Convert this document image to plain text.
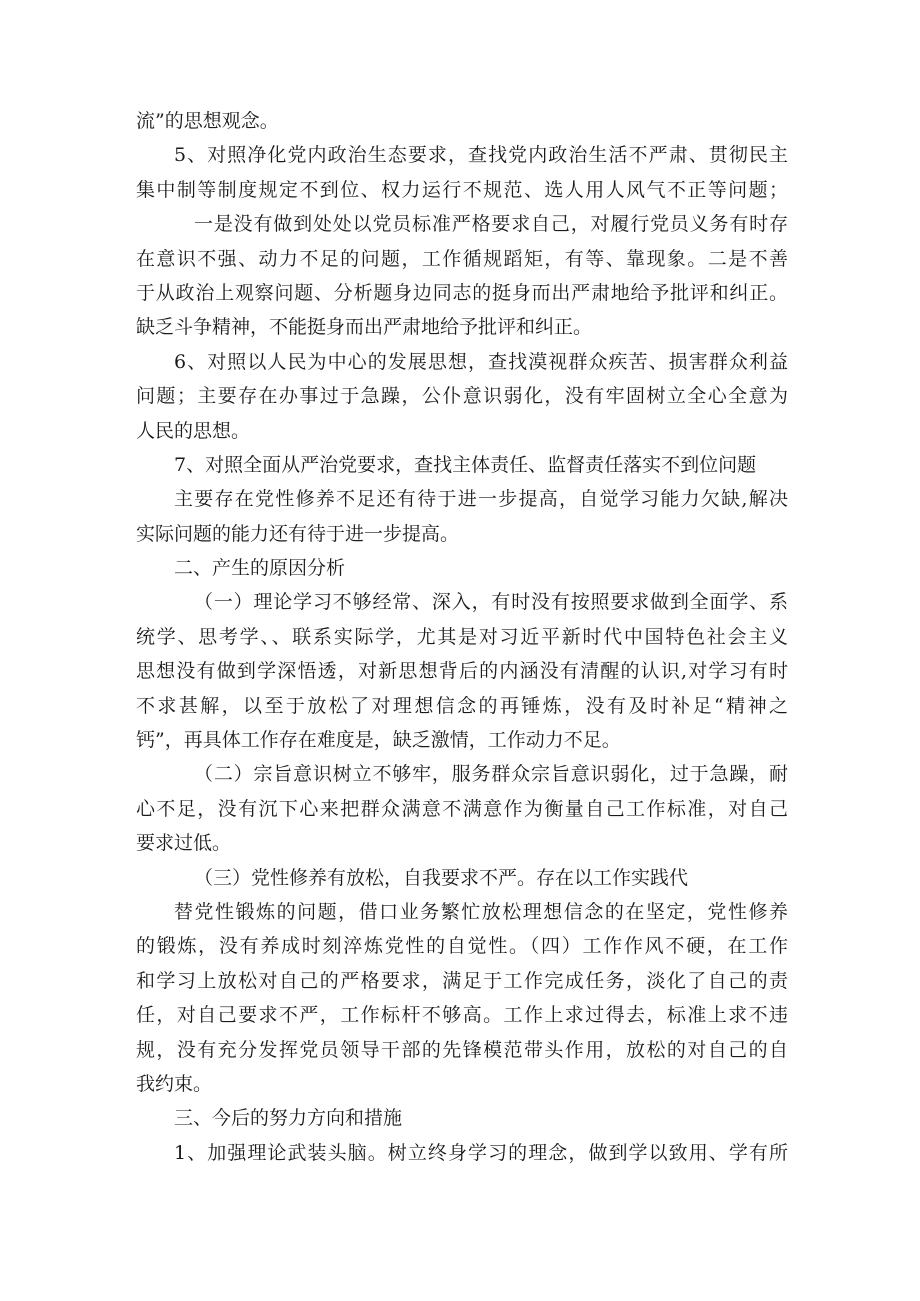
流”的思想观念。
5、对照净化党内政治生态要求，查找党内政治生活不严肃、贯彻民主
集中制等制度规定不到位、权力运行不规范、选人用人风气不正等问题；
一是没有做到处处以党员标准严格要求自己，对履行党员义务有时存
在意识不强、动力不足的问题，工作循规蹈矩，有等、靠现象。二是不善
于从政治上观察问题、分析题身边同志的挺身而出严肃地给予批评和纠正。
缺乏斗争精神，不能挺身而出严肃地给予批评和纠正。
6、对照以人民为中心的发展思想，查找漠视群众疾苦、损害群众利益
问题；主要存在办事过于急躁，公仆意识弱化，没有牢固树立全心全意为
人民的思想。
7、对照全面从严治党要求，查找主体责任、监督责任落实不到位问题
主要存在党性修养不足还有待于进一步提高，自觉学习能力欠缺,解决
实际问题的能力还有待于进一步提高。
二、产生的原因分析
（一）理论学习不够经常、深入，有时没有按照要求做到全面学、系
统学、思考学、、联系实际学，尤其是对习近平新时代中国特色社会主义
思想没有做到学深悟透，对新思想背后的内涵没有清醒的认识,对学习有时
不求甚解，以至于放松了对理想信念的再锤炼，没有及时补足“精神之
钙”，再具体工作存在难度是，缺乏激情，工作动力不足。
（二）宗旨意识树立不够牢，服务群众宗旨意识弱化，过于急躁，耐
心不足，没有沉下心来把群众满意不满意作为衡量自己工作标准，对自己
要求过低。
（三）党性修养有放松，自我要求不严。存在以工作实践代
替党性锻炼的问题，借口业务繁忙放松理想信念的在坚定，党性修养
的锻炼，没有养成时刻淬炼党性的自觉性。（四）工作作风不硬，在工作
和学习上放松对自己的严格要求，满足于工作完成任务，淡化了自己的责
任，对自己要求不严，工作标杆不够高。工作上求过得去，标准上求不违
规，没有充分发挥党员领导干部的先锋模范带头作用，放松的对自己的自
我约束。
三、今后的努力方向和措施
1、加强理论武装头脑。树立终身学习的理念，做到学以致用、学有所
